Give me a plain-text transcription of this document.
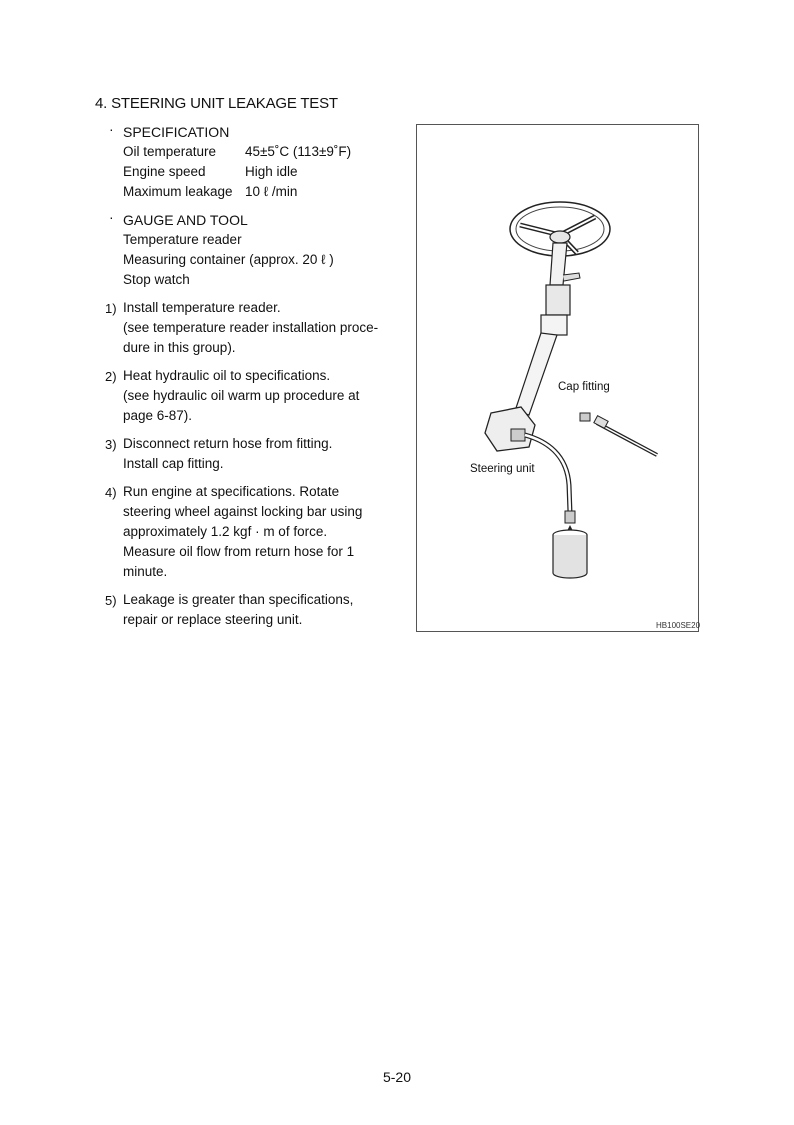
4. STEERING UNIT LEAKAGE TEST
· SPECIFICATION
Oil temperature	45±5˚C (113±9˚F)
Engine speed	High idle
Maximum leakage 10 ℓ /min
· GAUGE AND TOOL
Temperature reader
Measuring container (approx. 20 ℓ )
Stop watch
1) Install temperature reader.
(see temperature reader installation proce-
dure in this group).
2) Heat hydraulic oil to specifications.
(see hydraulic oil warm up procedure at
page 6-87).
3) Disconnect return hose from fitting.
Install cap fitting.
4) Run engine at specifications. Rotate
steering wheel against locking bar using
approximately 1.2 kgf · m of force.
Measure oil flow from return hose for 1
minute.
5) Leakage is greater than specifications,
repair or replace steering unit.
Cap fitting
Steering unit
HB100SE20
5-20
